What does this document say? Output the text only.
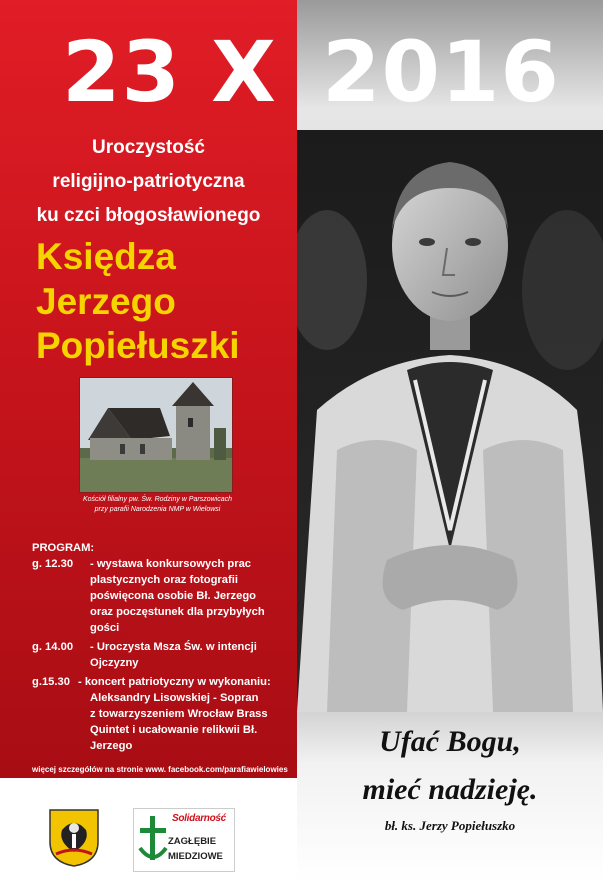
23 X 2016
Uroczystość
religijno-patriotyczna
ku czci błogosławionego
Księdza
Jerzego
Popiełuszki
Kościół filialny pw. Św. Rodziny w Parszowicach
przy parafii Narodzenia NMP w Wielowsi
PROGRAM:
g. 12.30	- wystawa konkursowych prac
plastycznych oraz fotografii
poświęcona osobie Bł. Jerzego
oraz poczęstunek dla przybyłych
gości
g. 14.00	- Uroczysta Msza Św. w intencji
Ojczyzny
g.15.30 - koncert patriotyczny w wykonaniu:
Aleksandry Lisowskiej - Sopran
z towarzyszeniem Wrocław Brass
Quintet i ucałowanie relikwii Bł.
Jerzego
więcej szczegółów na stronie www. facebook.com/parafiawielowies
Ufać Bogu,
mieć nadzieję.
bł. ks. Jerzy Popiełuszko
Solidarność
ZAGŁĘBIE
MIEDZIOWE
